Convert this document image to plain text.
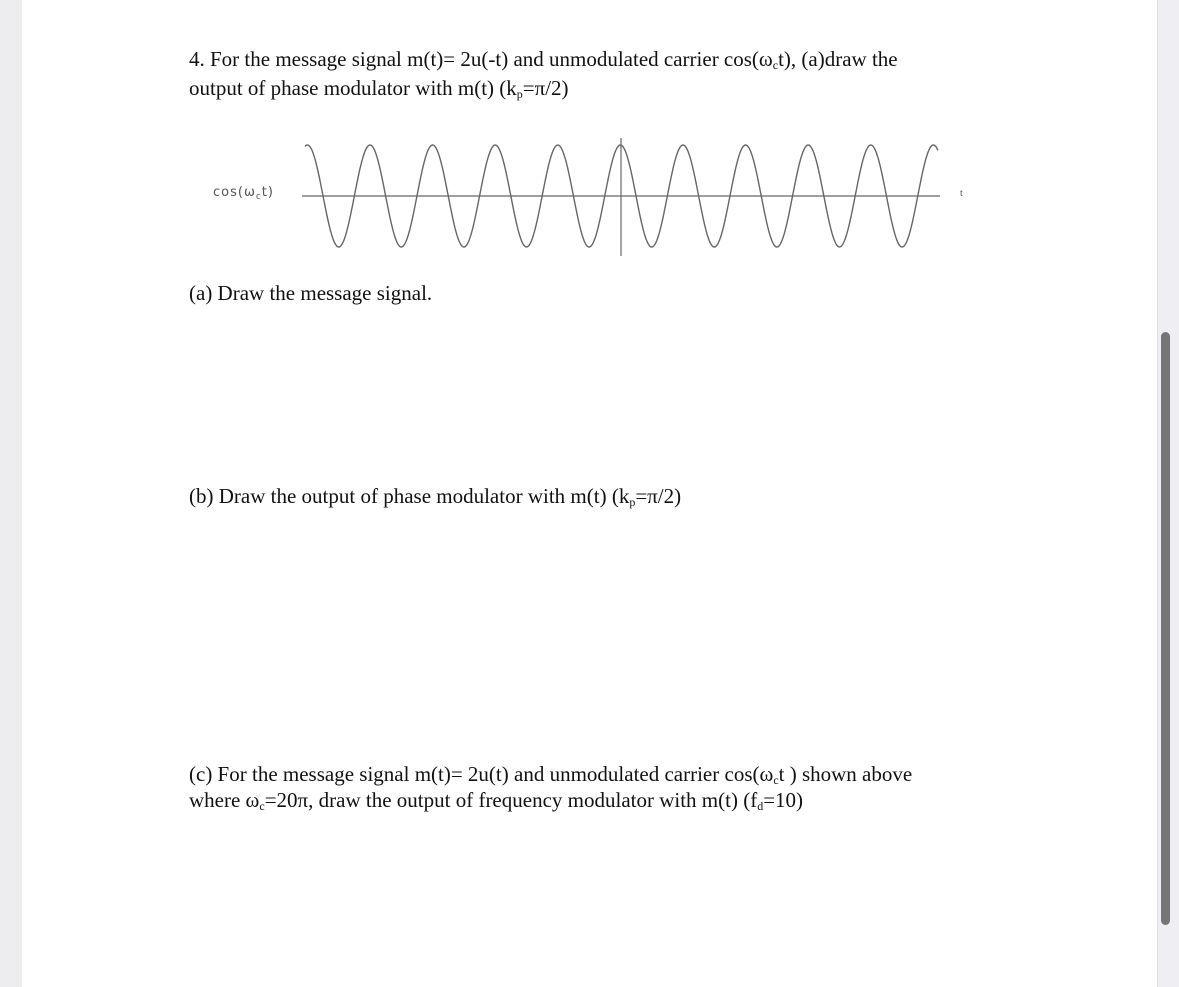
4. For the message signal m(t)= 2u(-t) and unmodulated carrier $\cos(\omega_ct)$, (a)draw the
output of phase modulator with m(t) $(k_p=\pi/2)$
$\cos(\omega_ct)$	t
(a) Draw the message signal.
(b) Draw the output of phase modulator with m(t) $(k_p=\pi/2)$
(c) For the message signal m(t)= 2u(t) and unmodulated carrier $\cos(\omega_ct$ ) shown above
where $\omega_c=20\pi$, draw the output of frequency modulator with m(t) $(f_d=10)$
